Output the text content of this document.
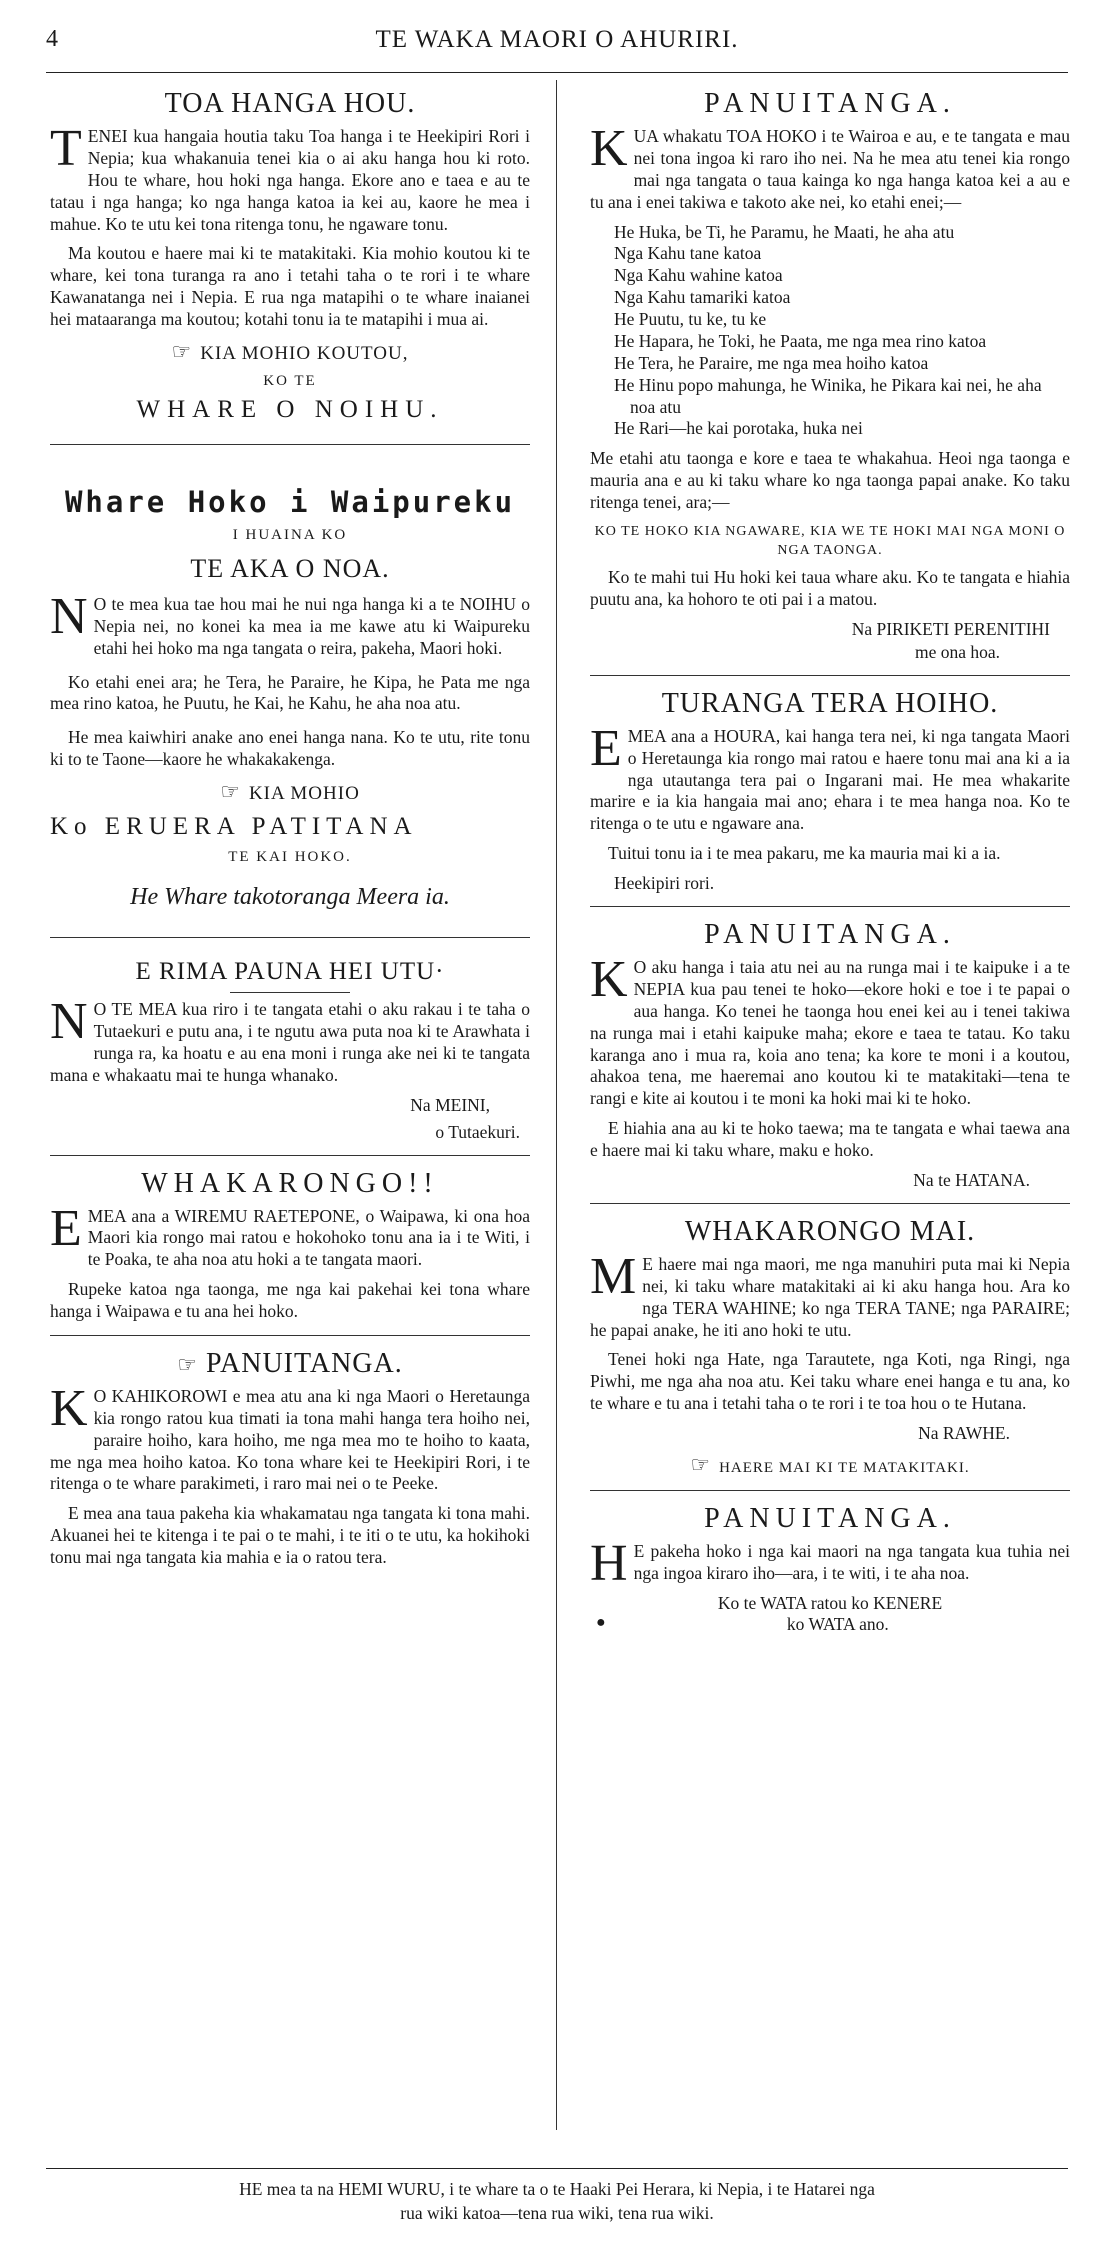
4	TE WAKA MAORI O AHURIRI.
TOA HANGA HOU.

TENEI kua hangaia houtia taku Toa hanga i te Heekipiri Rori i Nepia; kua whakanuia tenei kia o ai aku hanga hou ki roto. Hou te whare, hou hoki nga hanga. Ekore ano e taea e au te tatau i nga hanga; ko nga hanga katoa ia kei au, kaore he mea i mahue. Ko te utu kei tona ritenga tonu, he ngaware tonu.

Ma koutou e haere mai ki te matakitaki. Kia mohio koutou ki te whare, kei tona turanga ra ano i tetahi taha o te rori i te whare Kawanatanga nei i Nepia. E rua nga matapihi o te whare inaianei hei mataaranga ma koutou; kotahi tonu ia te matapihi i mua ai.

☞ KIA MOHIO KOUTOU,
KO TE
WHARE O NOIHU.
Whare Hoko i Waipureku
I HUAINA KO
TE AKA O NOA.

N O te mea kua tae hou mai he nui nga hanga ki a te NOIHU o Nepia nei, no konei ka mea ia me kawe atu ki Waipureku etahi hei hoko ma nga tangata o reira, pakeha, Maori hoki.

Ko etahi enei ara; he Tera, he Paraire, he Kipa, he Pata me nga mea rino katoa, he Puutu, he Kai, he Kahu, he aha noa atu.

He mea kaiwhiri anake ano enei hanga nana. Ko te utu, rite tonu ki to te Taone—kaore he whakakakenga.

☞ KIA MOHIO
Ko ERUERA PATITANA
TE KAI HOKO.
He Whare takotoranga Meera ia.
E RIMA PAUNA HEI UTU·

N O TE MEA kua riro i te tangata etahi o aku rakau i te taha o Tutaekuri e putu ana, i te ngutu awa puta noa ki te Arawhata i runga ra, ka hoatu e au ena moni i runga ake nei ki te tangata mana e whakaatu mai te hunga whanako.

Na MEINI,
o Tutaekuri.
WHAKARONGO!!

EMEA ana a WIREMU RAETEPONE, o Waipawa, ki ona hoa Maori kia rongo mai ratou e hokohoko tonu ana ia i te Witi, i te Poaka, te aha noa atu hoki a te tangata maori.

Rupeke katoa nga taonga, me nga kai pakehai kei tona whare hanga i Waipawa e tu ana hei hoko.

☞ PANUITANGA.

K O KAHIKOROWI e mea atu ana ki nga Maori o Heretaunga kia rongo ratou kua timati ia tona mahi hanga tera hoiho nei, paraire hoiho, kara hoiho, me nga mea mo te hoiho to kaata, me nga mea hoiho katoa. Ko tona whare kei te Heekipiri Rori, i te ritenga o te whare parakimeti, i raro mai nei o te Peeke.

E mea ana taua pakeha kia whakamatau nga tangata ki tona mahi. Akuanei hei te kitenga i te pai o te mahi, i te iti o te utu, ka hokihoki tonu mai nga tangata kia mahia e ia o ratou tera.

PANUITANGA.

KUA whakatu TOA HOKO i te Wairoa e au, e te tangata e mau nei tona ingoa ki raro iho nei. Na he mea atu tenei kia rongo mai nga tangata o taua kainga ko nga hanga katoa kei a au e tu ana i enei takiwa e takoto ake nei, ko etahi enei;—

He Huka, be Ti, he Paramu, he Maati, he aha atu
Nga Kahu tane katoa
Nga Kahu wahine katoa
Nga Kahu tamariki katoa
He Puutu, tu ke, tu ke
He Hapara, he Toki, he Paata, me nga mea rino katoa
He Tera, he Paraire, me nga mea hoiho katoa
He Hinu popo mahunga, he Winika, he Pikara kai nei, he aha noa atu
He Rari—he kai porotaka, huka nei

Me etahi atu taonga e kore e taea te whakahua. Heoi nga taonga e mauria ana e au ki taku whare ko nga taonga papai anake. Ko taku ritenga tenei, ara;—

KO TE HOKO KIA NGAWARE, KIA WE TE HOKI MAI NGA MONI O NGA TAONGA.

Ko te mahi tui Hu hoki kei taua whare aku. Ko te tangata e hiahia puutu ana, ka hohoro te oti pai i a matou.

Na PIRIKETI PERENITIHI
me ona hoa.
TURANGA TERA HOIHO.

EMEA ana a HOURA, kai hanga tera nei, ki nga tangata Maori o Heretaunga kia rongo mai ratou e haere tonu mai ana ki a ia nga utautanga tera pai o Ingarani mai. He mea whakarite marire e ia kia hangaia mai ano; ehara i te mea hanga noa. Ko te ritenga o te utu e ngaware ana.

Tuitui tonu ia i te mea pakaru, me ka mauria mai ki a ia.

Heekipiri rori.
PANUITANGA.

K O aku hanga i taia atu nei au na runga mai i te kaipuke i a te NEPIA kua pau tenei te hoko—ekore hoki e toe i te papai o aua hanga. Ko tenei he taonga hou enei kei au i tenei takiwa na runga mai i etahi kaipuke maha; ekore e taea te tatau. Ko taku karanga ano i mua ra, koia ano tena; ka kore te moni i a koutou, ahakoa tena, me haeremai ano koutou ki te matakitaki—tena te rangi e kite ai koutou i te moni ka hoki mai ki te hoko.

E hiahia ana au ki te hoko taewa; ma te tangata e whai taewa ana e haere mai ki taku whare, maku e hoko.

Na te HATANA.
WHAKARONGO MAI.

M E haere mai nga maori, me nga manuhiri puta mai ki Nepia nei, ki taku whare matakitaki ai ki aku hanga hou. Ara ko nga TERA WAHINE; ko nga TERA TANE; nga PARAIRE; he papai anake, he iti ano hoki te utu.

Tenei hoki nga Hate, nga Tarautete, nga Koti, nga Ringi, nga Piwhi, me nga aha noa atu. Kei taku whare enei hanga e tu ana, ko te whare e tu ana i tetahi taha o te rori i te toa hou o te Hutana.

Na RAWHE.
☞ HAERE MAI KI TE MATAKITAKI.
PANUITANGA.

H E pakeha hoko i nga kai maori na nga tangata kua tuhia nei nga ingoa kiraro iho—ara, i te witi, i te aha noa.

Ko te WATA ratou ko KENERE
●	ko WATA ano.
HE mea ta na HEMI WURU, i te whare ta o te Haaki Pei Herara, ki Nepia, i te Hatarei nga
rua wiki katoa—tena rua wiki, tena rua wiki.
